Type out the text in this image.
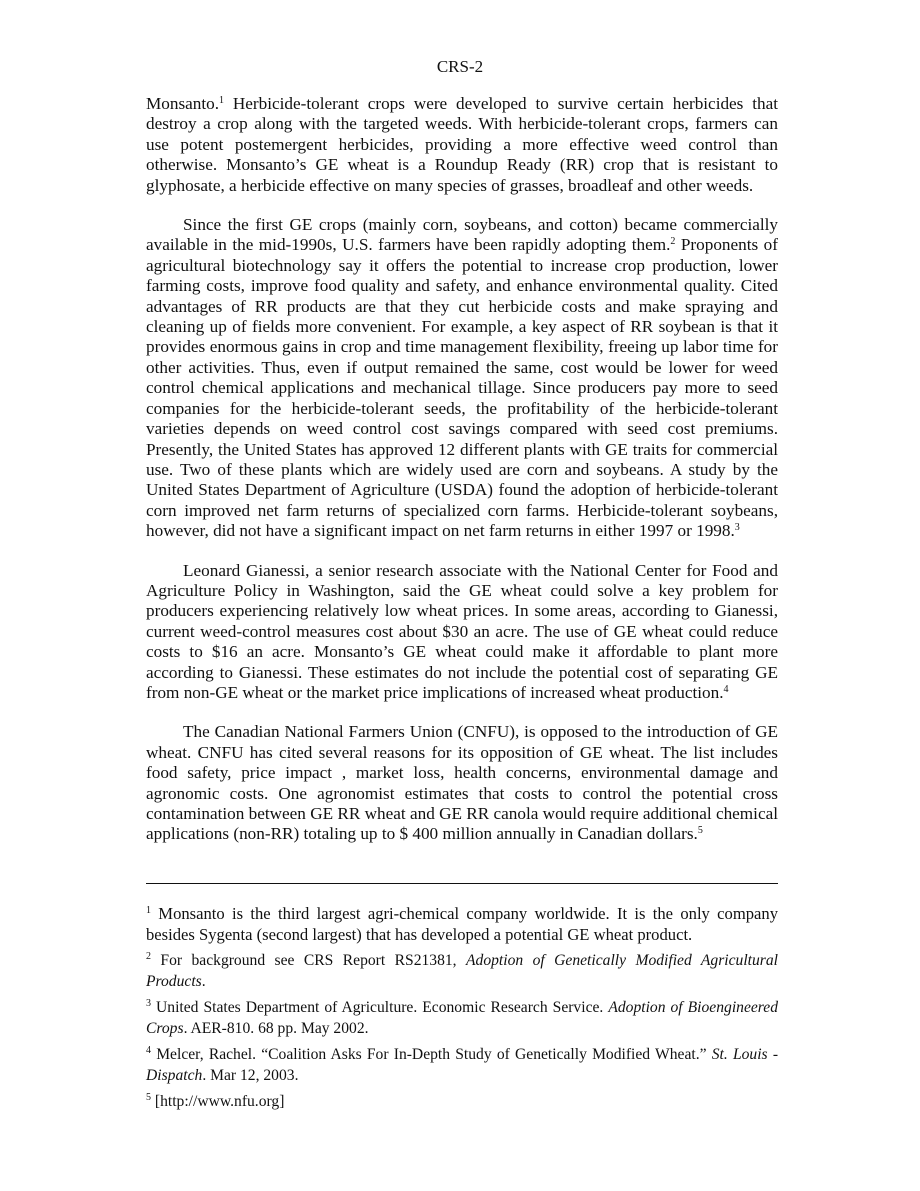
CRS-2

Monsanto.$^1$ Herbicide-tolerant crops were developed to survive certain herbicides that destroy a crop along with the targeted weeds. With herbicide-tolerant crops, farmers can use potent postemergent herbicides, providing a more effective weed control than otherwise. Monsanto’s GE wheat is a Roundup Ready (RR) crop that is resistant to glyphosate, a herbicide effective on many species of grasses, broadleaf and other weeds.

Since the first GE crops (mainly corn, soybeans, and cotton) became commercially available in the mid-1990s, U.S. farmers have been rapidly adopting them.$^2$ Proponents of agricultural biotechnology say it offers the potential to increase crop production, lower farming costs, improve food quality and safety, and enhance environmental quality. Cited advantages of RR products are that they cut herbicide costs and make spraying and cleaning up of fields more convenient. For example, a key aspect of RR soybean is that it provides enormous gains in crop and time management flexibility, freeing up labor time for other activities. Thus, even if output remained the same, cost would be lower for weed control chemical applications and mechanical tillage. Since producers pay more to seed companies for the herbicide-tolerant seeds, the profitability of the herbicide-tolerant varieties depends on weed control cost savings compared with seed cost premiums. Presently, the United States has approved 12 different plants with GE traits for commercial use. Two of these plants which are widely used are corn and soybeans. A study by the United States Department of Agriculture (USDA) found the adoption of herbicide-tolerant corn improved net farm returns of specialized corn farms. Herbicide-tolerant soybeans, however, did not have a significant impact on net farm returns in either 1997 or 1998.$^3$

Leonard Gianessi, a senior research associate with the National Center for Food and Agriculture Policy in Washington, said the GE wheat could solve a key problem for producers experiencing relatively low wheat prices. In some areas, according to Gianessi, current weed-control measures cost about $30 an acre. The use of GE wheat could reduce costs to $16 an acre. Monsanto’s GE wheat could make it affordable to plant more according to Gianessi. These estimates do not include the potential cost of separating GE from non-GE wheat or the market price implications of increased wheat production.$^4$

The Canadian National Farmers Union (CNFU), is opposed to the introduction of GE wheat. CNFU has cited several reasons for its opposition of GE wheat. The list includes food safety, price impact , market loss, health concerns, environmental damage and agronomic costs. One agronomist estimates that costs to control the potential cross contamination between GE RR wheat and GE RR canola would require additional chemical applications (non-RR) totaling up to $ 400 million annually in Canadian dollars.$^5$

$^1$ Monsanto is the third largest agri-chemical company worldwide. It is the only company besides Sygenta (second largest) that has developed a potential GE wheat product.

$^2$ For background see CRS Report RS21381, Adoption of Genetically Modified Agricultural Products.

$^3$ United States Department of Agriculture. Economic Research Service. Adoption of Bioengineered Crops. AER-810. 68 pp. May 2002.

$^4$ Melcer, Rachel. “Coalition Asks For In-Depth Study of Genetically Modified Wheat.” St. Louis - Dispatch. Mar 12, 2003.

$^5$ [http://www.nfu.org]
